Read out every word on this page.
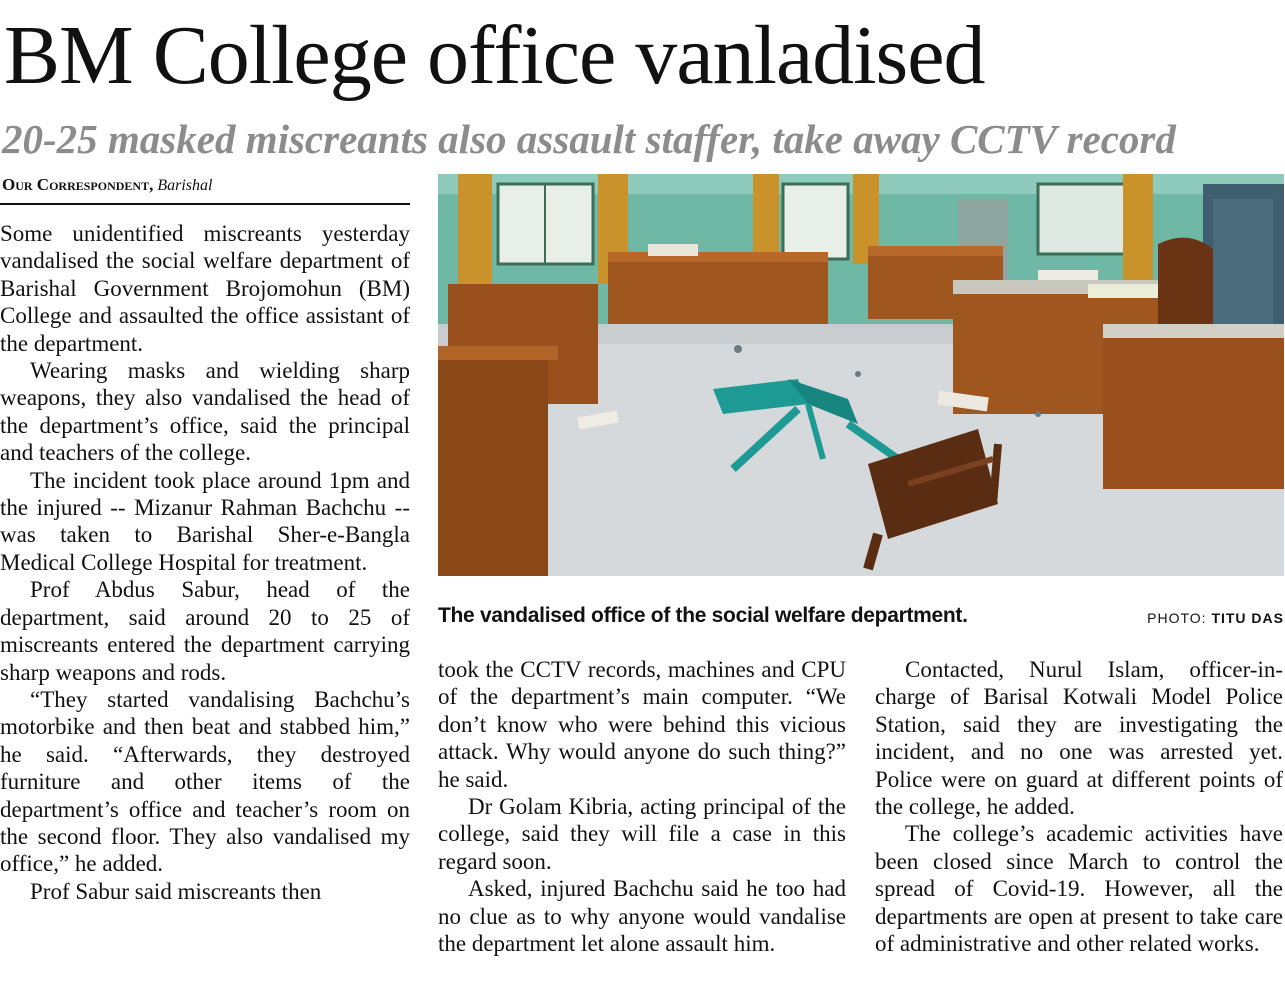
BM College office vanladised
20-25 masked miscreants also assault staffer, take away CCTV record
Our Correspondent, Barishal

Some unidentified miscreants yesterday vandalised the social welfare department of Barishal Government Brojomohun (BM) College and assaulted the office assistant of the department.

Wearing masks and wielding sharp weapons, they also vandalised the head of the department’s office, said the principal and teachers of the college.

The incident took place around 1pm and the injured -- Mizanur Rahman Bachchu -- was taken to Barishal Sher-e-Bangla Medical College Hospital for treatment.

Prof Abdus Sabur, head of the department, said around 20 to 25 of miscreants entered the department carrying sharp weapons and rods.

“They started vandalising Bachchu’s motorbike and then beat and stabbed him,” he said. “Afterwards, they destroyed furniture and other items of the department’s office and teacher’s room on the second floor. They also vandalised my office,” he added.

Prof Sabur said miscreants then

The vandalised office of the social welfare department.	PHOTO: TITU DAS

took the CCTV records, machines and CPU of the department’s main computer. “We don’t know who were behind this vicious attack. Why would anyone do such thing?” he said.

Dr Golam Kibria, acting principal of the college, said they will file a case in this regard soon.

Asked, injured Bachchu said he too had no clue as to why anyone would vandalise the department let alone assault him.

Contacted, Nurul Islam, officer-in-charge of Barisal Kotwali Model Police Station, said they are investigating the incident, and no one was arrested yet. Police were on guard at different points of the college, he added.

The college’s academic activities have been closed since March to control the spread of Covid-19. However, all the departments are open at present to take care of administrative and other related works.
